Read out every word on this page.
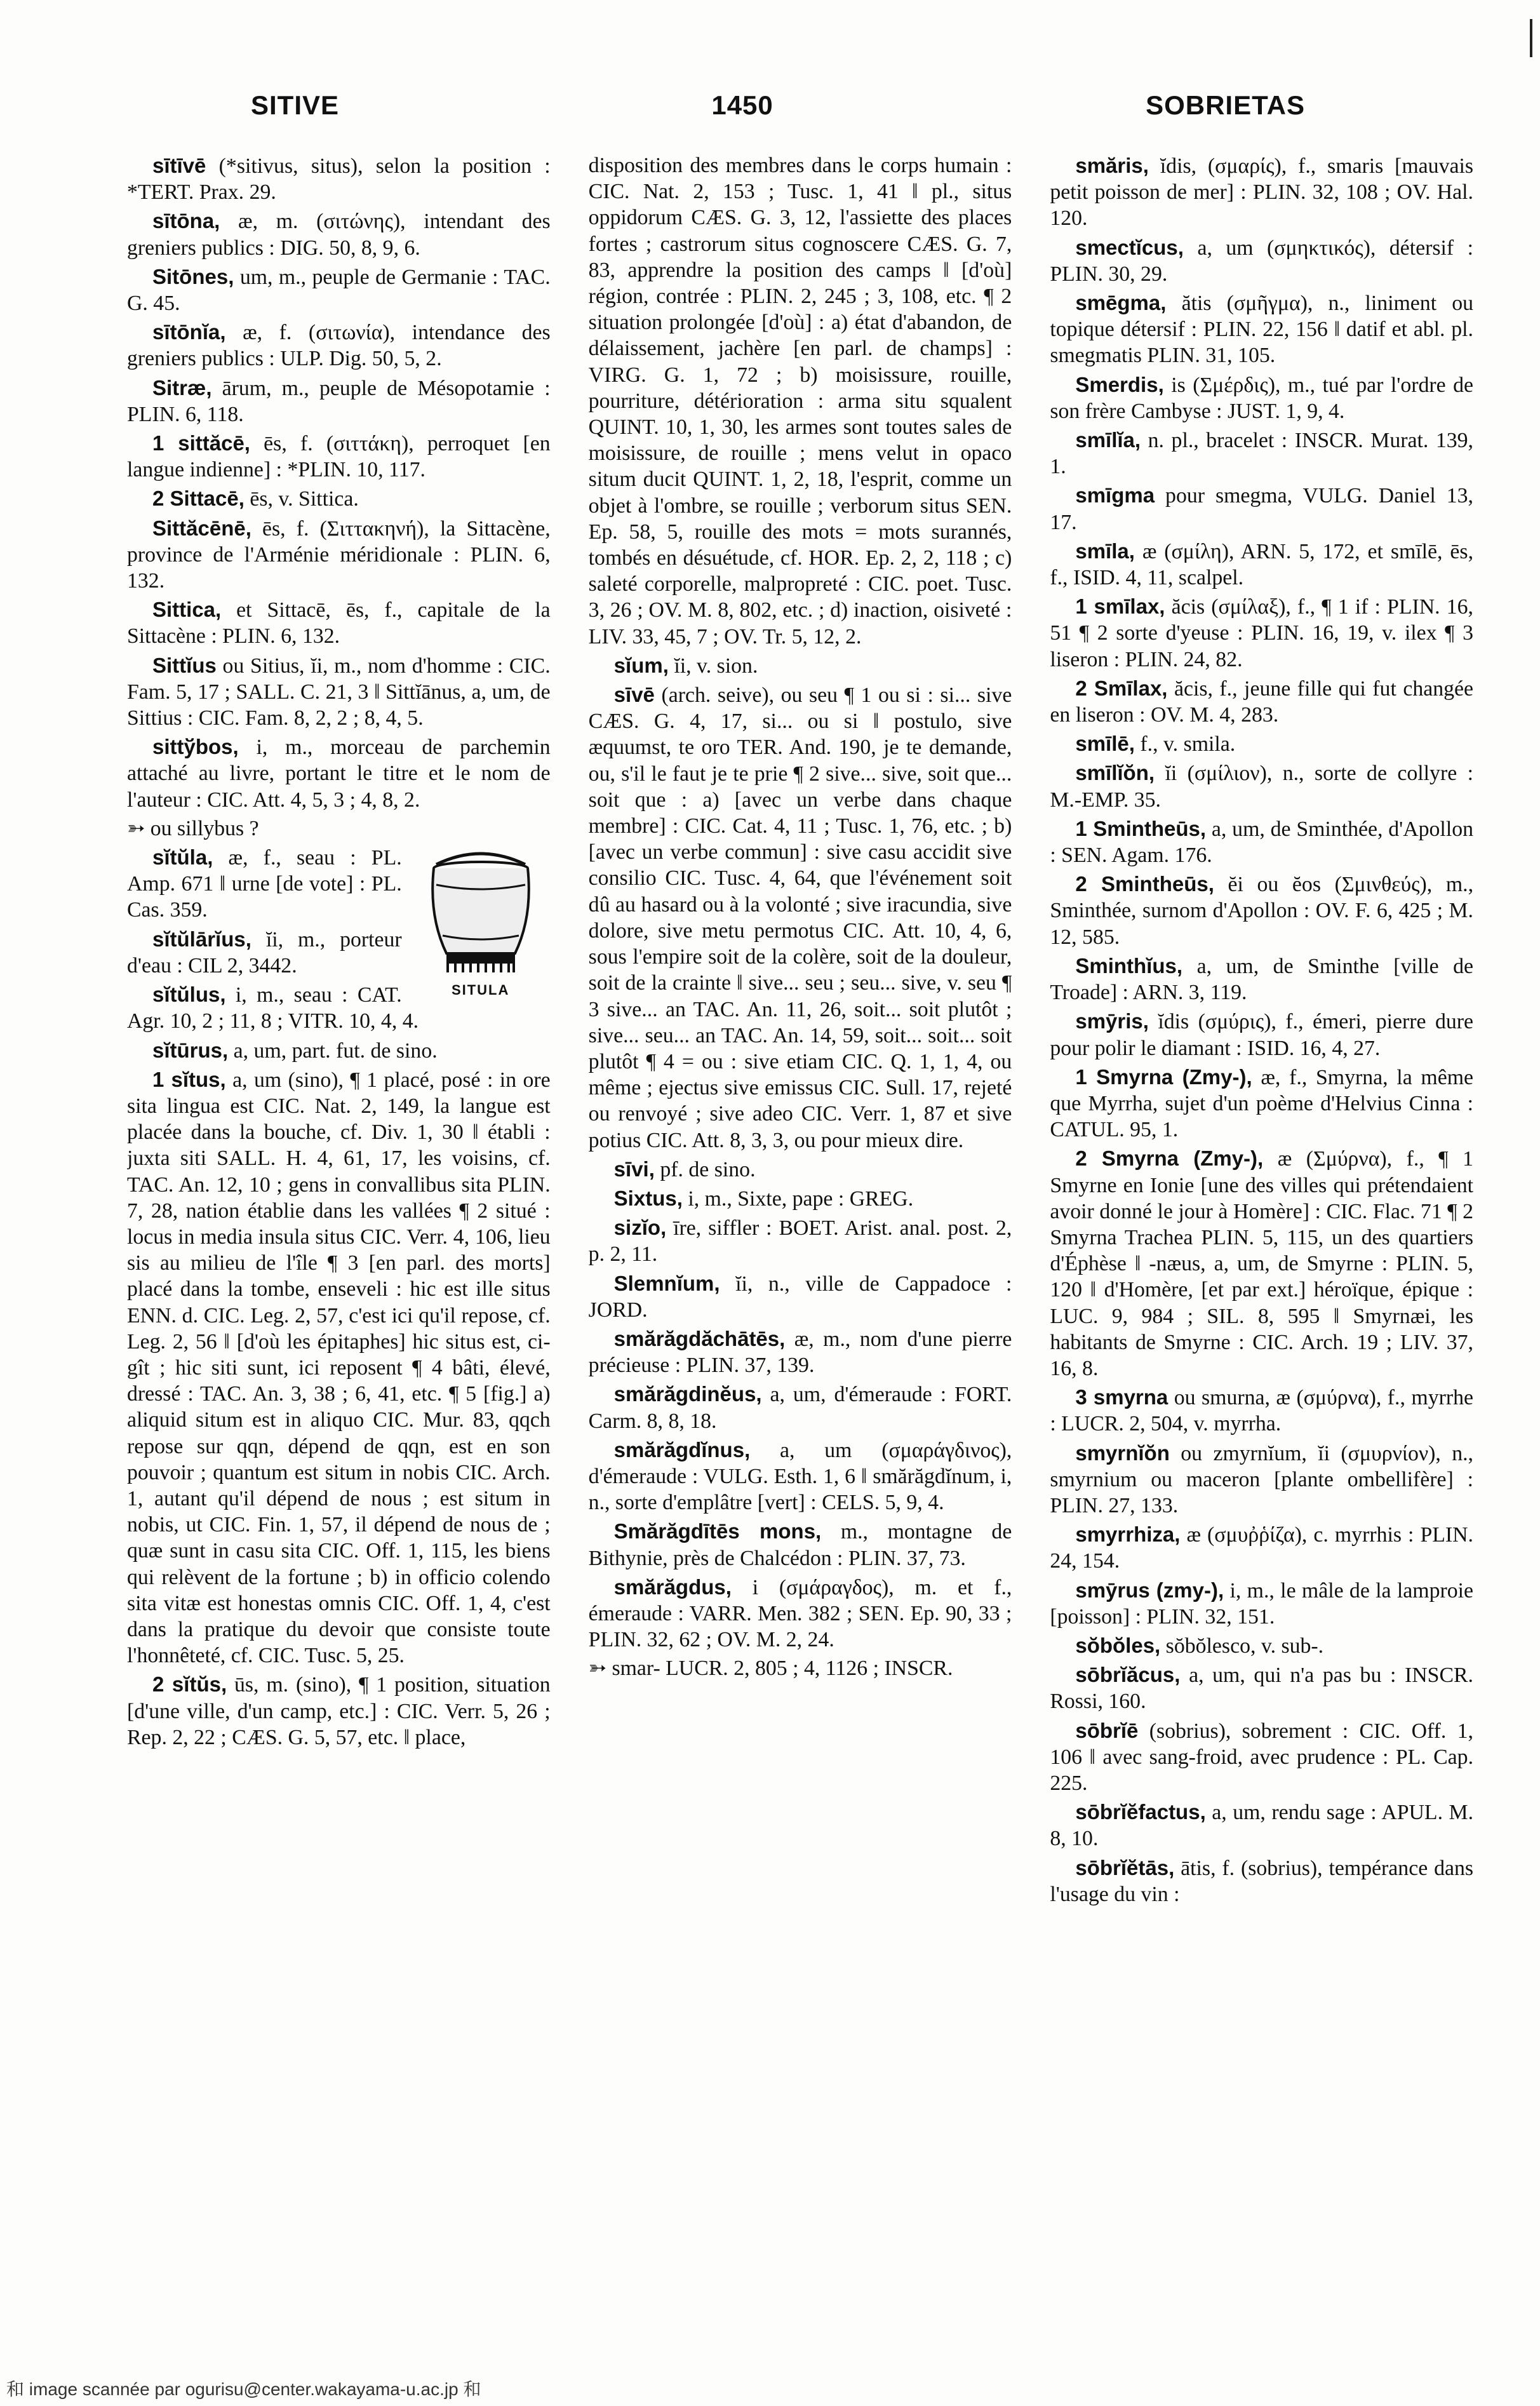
SITIVE	1450	SOBRIETAS

sītīvē (*sitivus, situs), selon la position : *TERT. Prax. 29.

sītōna, æ, m. (σιτώνης), intendant des greniers publics : DIG. 50, 8, 9, 6.

Sitōnes, um, m., peuple de Germanie : TAC. G. 45.

sītōnĭa, æ, f. (σιτωνία), intendance des greniers publics : ULP. Dig. 50, 5, 2.

Sitræ, ārum, m., peuple de Mésopotamie : PLIN. 6, 118.

1 sittăcē, ēs, f. (σιττάκη), perroquet [en langue indienne] : *PLIN. 10, 117.

2 Sittacē, ēs, v. Sittica.

Sittăcēnē, ēs, f. (Σιττακηνή), la Sittacène, province de l'Arménie méridionale : PLIN. 6, 132.

Sittica, et Sittacē, ēs, f., capitale de la Sittacène : PLIN. 6, 132.

Sittĭus ou Sitius, ĭi, m., nom d'homme : CIC. Fam. 5, 17 ; SALL. C. 21, 3 ‖ Sittĭānus, a, um, de Sittius : CIC. Fam. 8, 2, 2 ; 8, 4, 5.

sittўbos, i, m., morceau de parchemin attaché au livre, portant le titre et le nom de l'auteur : CIC. Att. 4, 5, 3 ; 4, 8, 2.

➳ ou sillybus ?

SITULA

sĭtŭla, æ, f., seau : PL. Amp. 671 ‖ urne [de vote] : PL. Cas. 359.

sĭtŭlārĭus, ĭi, m., porteur d'eau : CIL 2, 3442.

sĭtŭlus, i, m., seau : CAT. Agr. 10, 2 ; 11, 8 ; VITR. 10, 4, 4.

sĭtūrus, a, um, part. fut. de sino.

1 sĭtus, a, um (sino), ¶ 1 placé, posé : in ore sita lingua est CIC. Nat. 2, 149, la langue est placée dans la bouche, cf. Div. 1, 30 ‖ établi : juxta siti SALL. H. 4, 61, 17, les voisins, cf. TAC. An. 12, 10 ; gens in convallibus sita PLIN. 7, 28, nation établie dans les vallées ¶ 2 situé : locus in media insula situs CIC. Verr. 4, 106, lieu sis au milieu de l'île ¶ 3 [en parl. des morts] placé dans la tombe, enseveli : hic est ille situs ENN. d. CIC. Leg. 2, 57, c'est ici qu'il repose, cf. Leg. 2, 56 ‖ [d'où les épitaphes] hic situs est, ci-gît ; hic siti sunt, ici reposent ¶ 4 bâti, élevé, dressé : TAC. An. 3, 38 ; 6, 41, etc. ¶ 5 [fig.] a) aliquid situm est in aliquo CIC. Mur. 83, qqch repose sur qqn, dépend de qqn, est en son pouvoir ; quantum est situm in nobis CIC. Arch. 1, autant qu'il dépend de nous ; est situm in nobis, ut CIC. Fin. 1, 57, il dépend de nous de ; quæ sunt in casu sita CIC. Off. 1, 115, les biens qui relèvent de la fortune ; b) in officio colendo sita vitæ est honestas omnis CIC. Off. 1, 4, c'est dans la pratique du devoir que consiste toute l'honnêteté, cf. CIC. Tusc. 5, 25.

2 sĭtŭs, ūs, m. (sino), ¶ 1 position, situation [d'une ville, d'un camp, etc.] : CIC. Verr. 5, 26 ; Rep. 2, 22 ; CÆS. G. 5, 57, etc. ‖ place,

disposition des membres dans le corps humain : CIC. Nat. 2, 153 ; Tusc. 1, 41 ‖ pl., situs oppidorum CÆS. G. 3, 12, l'assiette des places fortes ; castrorum situs cognoscere CÆS. G. 7, 83, apprendre la position des camps ‖ [d'où] région, contrée : PLIN. 2, 245 ; 3, 108, etc. ¶ 2 situation prolongée [d'où] : a) état d'abandon, de délaissement, jachère [en parl. de champs] : VIRG. G. 1, 72 ; b) moisissure, rouille, pourriture, détérioration : arma situ squalent QUINT. 10, 1, 30, les armes sont toutes sales de moisissure, de rouille ; mens velut in opaco situm ducit QUINT. 1, 2, 18, l'esprit, comme un objet à l'ombre, se rouille ; verborum situs SEN. Ep. 58, 5, rouille des mots = mots surannés, tombés en désuétude, cf. HOR. Ep. 2, 2, 118 ; c) saleté corporelle, malpropreté : CIC. poet. Tusc. 3, 26 ; OV. M. 8, 802, etc. ; d) inaction, oisiveté : LIV. 33, 45, 7 ; OV. Tr. 5, 12, 2.

sĭum, ĭi, v. sion.

sīvē (arch. seive), ou seu ¶ 1 ou si : si... sive CÆS. G. 4, 17, si... ou si ‖ postulo, sive æquumst, te oro TER. And. 190, je te demande, ou, s'il le faut je te prie ¶ 2 sive... sive, soit que... soit que : a) [avec un verbe dans chaque membre] : CIC. Cat. 4, 11 ; Tusc. 1, 76, etc. ; b) [avec un verbe commun] : sive casu accidit sive consilio CIC. Tusc. 4, 64, que l'événement soit dû au hasard ou à la volonté ; sive iracundia, sive dolore, sive metu permotus CIC. Att. 10, 4, 6, sous l'empire soit de la colère, soit de la douleur, soit de la crainte ‖ sive... seu ; seu... sive, v. seu ¶ 3 sive... an TAC. An. 11, 26, soit... soit plutôt ; sive... seu... an TAC. An. 14, 59, soit... soit... soit plutôt ¶ 4 = ou : sive etiam CIC. Q. 1, 1, 4, ou même ; ejectus sive emissus CIC. Sull. 17, rejeté ou renvoyé ; sive adeo CIC. Verr. 1, 87 et sive potius CIC. Att. 8, 3, 3, ou pour mieux dire.

sīvi, pf. de sino.

Sixtus, i, m., Sixte, pape : GREG.

sizĭo, īre, siffler : BOET. Arist. anal. post. 2, p. 2, 11.

Slemnĭum, ĭi, n., ville de Cappadoce : JORD.

smărăgdăchātēs, æ, m., nom d'une pierre précieuse : PLIN. 37, 139.

smărăgdinĕus, a, um, d'émeraude : FORT. Carm. 8, 8, 18.

smărăgdĭnus, a, um (σμαράγδινος), d'émeraude : VULG. Esth. 1, 6 ‖ smărăgdĭnum, i, n., sorte d'emplâtre [vert] : CELS. 5, 9, 4.

Smărăgdītēs mons, m., montagne de Bithynie, près de Chalcédon : PLIN. 37, 73.

smărăgdus, i (σμάραγδος), m. et f., émeraude : VARR. Men. 382 ; SEN. Ep. 90, 33 ; PLIN. 32, 62 ; OV. M. 2, 24.

➳ smar- LUCR. 2, 805 ; 4, 1126 ; INSCR.

smăris, ĭdis, (σμαρίς), f., smaris [mauvais petit poisson de mer] : PLIN. 32, 108 ; OV. Hal. 120.

smectĭcus, a, um (σμηκτικός), détersif : PLIN. 30, 29.

smēgma, ătis (σμῆγμα), n., liniment ou topique détersif : PLIN. 22, 156 ‖ datif et abl. pl. smegmatis PLIN. 31, 105.

Smerdis, is (Σμέρδις), m., tué par l'ordre de son frère Cambyse : JUST. 1, 9, 4.

smīlĭa, n. pl., bracelet : INSCR. Murat. 139, 1.

smīgma pour smegma, VULG. Daniel 13, 17.

smīla, æ (σμίλη), ARN. 5, 172, et smīlē, ēs, f., ISID. 4, 11, scalpel.

1 smīlax, ăcis (σμίλαξ), f., ¶ 1 if : PLIN. 16, 51 ¶ 2 sorte d'yeuse : PLIN. 16, 19, v. ilex ¶ 3 liseron : PLIN. 24, 82.

2 Smīlax, ăcis, f., jeune fille qui fut changée en liseron : OV. M. 4, 283.

smīlē, f., v. smila.

smīlĭŏn, ĭi (σμίλιον), n., sorte de collyre : M.-EMP. 35.

1 Smintheūs, a, um, de Sminthée, d'Apollon : SEN. Agam. 176.

2 Smintheūs, ĕi ou ĕos (Σμινθεύς), m., Sminthée, surnom d'Apollon : OV. F. 6, 425 ; M. 12, 585.

Sminthĭus, a, um, de Sminthe [ville de Troade] : ARN. 3, 119.

smȳris, ĭdis (σμύρις), f., émeri, pierre dure pour polir le diamant : ISID. 16, 4, 27.

1 Smyrna (Zmy-), æ, f., Smyrna, la même que Myrrha, sujet d'un poème d'Helvius Cinna : CATUL. 95, 1.

2 Smyrna (Zmy-), æ (Σμύρνα), f., ¶ 1 Smyrne en Ionie [une des villes qui prétendaient avoir donné le jour à Homère] : CIC. Flac. 71 ¶ 2 Smyrna Trachea PLIN. 5, 115, un des quartiers d'Éphèse ‖ -næus, a, um, de Smyrne : PLIN. 5, 120 ‖ d'Homère, [et par ext.] héroïque, épique : LUC. 9, 984 ; SIL. 8, 595 ‖ Smyrnæi, les habitants de Smyrne : CIC. Arch. 19 ; LIV. 37, 16, 8.

3 smyrna ou smurna, æ (σμύρνα), f., myrrhe : LUCR. 2, 504, v. myrrha.

smyrnĭŏn ou zmyrnĭum, ĭi (σμυρνίον), n., smyrnium ou maceron [plante ombellifère] : PLIN. 27, 133.

smyrrhiza, æ (σμυῤῥίζα), c. myrrhis : PLIN. 24, 154.

smȳrus (zmy-), i, m., le mâle de la lamproie [poisson] : PLIN. 32, 151.

sŏbŏles, sŏbŏlesco, v. sub-.

sōbrĭăcus, a, um, qui n'a pas bu : INSCR. Rossi, 160.

sōbrĭē (sobrius), sobrement : CIC. Off. 1, 106 ‖ avec sang-froid, avec prudence : PL. Cap. 225.

sōbrĭĕfactus, a, um, rendu sage : APUL. M. 8, 10.

sōbrĭĕtās, ātis, f. (sobrius), tempérance dans l'usage du vin :

和 image scannée par ogurisu@center.wakayama-u.ac.jp 和
